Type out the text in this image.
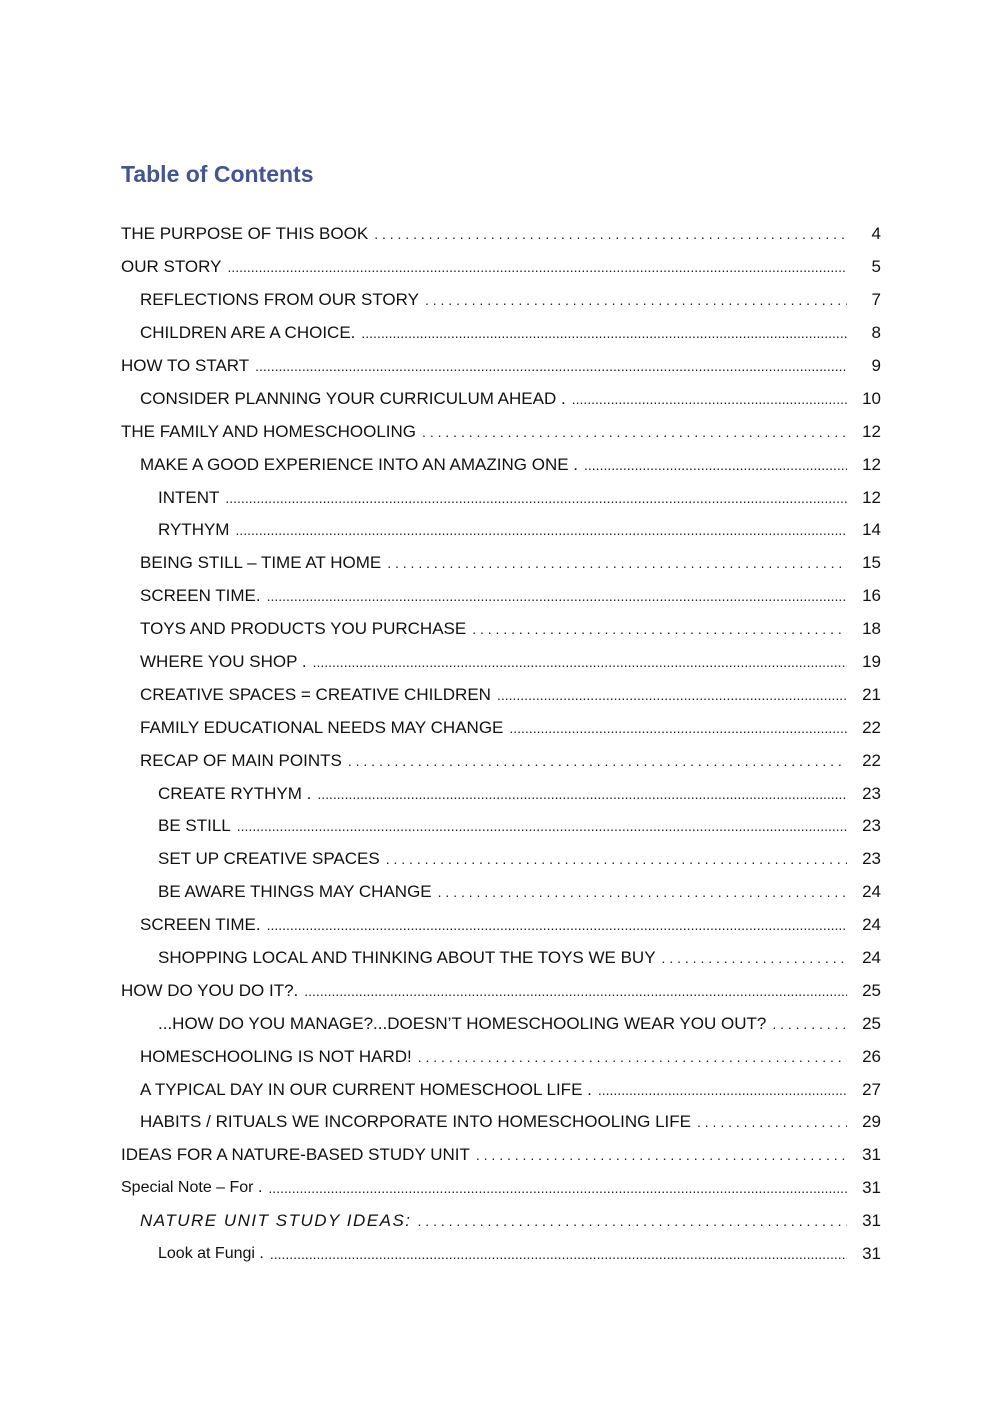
Table of Contents
THE PURPOSE OF THIS BOOK . . .	4
OUR STORY .....	5
REFLECTIONS FROM OUR STORY . . .	7
CHILDREN ARE A CHOICE. .....	8
HOW TO START .....	9
CONSIDER PLANNING YOUR CURRICULUM AHEAD . .....	10
THE FAMILY AND HOMESCHOOLING . . .	12
MAKE A GOOD EXPERIENCE INTO AN AMAZING ONE . .....	12
INTENT .....	12
RYTHYM .....	14
BEING STILL – TIME AT HOME . . .	15
SCREEN TIME. .....	16
TOYS AND PRODUCTS YOU PURCHASE . . .	18
WHERE YOU SHOP . .....	19
CREATIVE SPACES = CREATIVE CHILDREN .....	21
FAMILY EDUCATIONAL NEEDS MAY CHANGE .....	22
RECAP OF MAIN POINTS . . .	22
CREATE RYTHYM . .....	23
BE STILL .....	23
SET UP CREATIVE SPACES . . .	23
BE AWARE THINGS MAY CHANGE . . .	24
SCREEN TIME. .....	24
SHOPPING LOCAL AND THINKING ABOUT THE TOYS WE BUY . . .	24
HOW DO YOU DO IT?. .....	25
...HOW DO YOU MANAGE?...DOESN’T HOMESCHOOLING WEAR YOU OUT? . . .	25
HOMESCHOOLING IS NOT HARD! . . .	26
A TYPICAL DAY IN OUR CURRENT HOMESCHOOL LIFE . .....	27
HABITS / RITUALS WE INCORPORATE INTO HOMESCHOOLING LIFE . . .	29
IDEAS FOR A NATURE-BASED STUDY UNIT . . .	31
Special Note – For . .....	31
NATURE UNIT STUDY IDEAS: . . .	31
Look at Fungi . .....	31
